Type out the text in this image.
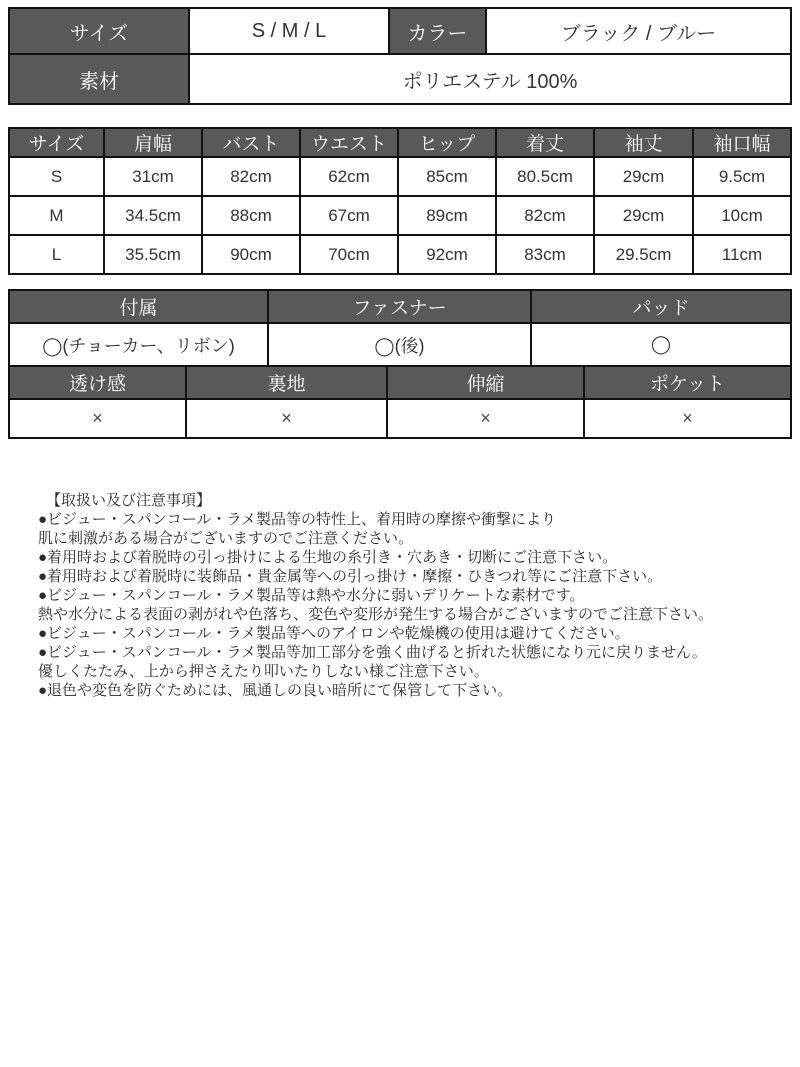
サイズ	S / M / L	カラー	ブラック / ブルー
素材	ポリエステル 100%		
サイズ	肩幅	バスト	ウエスト	ヒップ	着丈	袖丈	袖口幅
S	31cm	82cm	62cm	85cm	80.5cm	29cm	9.5cm
M	34.5cm	88cm	67cm	89cm	82cm	29cm	10cm
L	35.5cm	90cm	70cm	92cm	83cm	29.5cm	11cm
付属	ファスナー	パッド
◯(チョーカー、リボン)	◯(後)	◯
透け感	裏地	伸縮	ポケット
×	×	×	×
【取扱い及び注意事項】
●ビジュー・スパンコール・ラメ製品等の特性上、着用時の摩擦や衝撃により
肌に刺激がある場合がございますのでご注意ください。
●着用時および着脱時の引っ掛けによる生地の糸引き・穴あき・切断にご注意下さい。
●着用時および着脱時に装飾品・貴金属等への引っ掛け・摩擦・ひきつれ等にご注意下さい。
●ビジュー・スパンコール・ラメ製品等は熱や水分に弱いデリケートな素材です。
熱や水分による表面の剥がれや色落ち、変色や変形が発生する場合がございますのでご注意下さい。
●ビジュー・スパンコール・ラメ製品等へのアイロンや乾燥機の使用は避けてください。
●ビジュー・スパンコール・ラメ製品等加工部分を強く曲げると折れた状態になり元に戻りません。
優しくたたみ、上から押さえたり叩いたりしない様ご注意下さい。
●退色や変色を防ぐためには、風通しの良い暗所にて保管して下さい。
